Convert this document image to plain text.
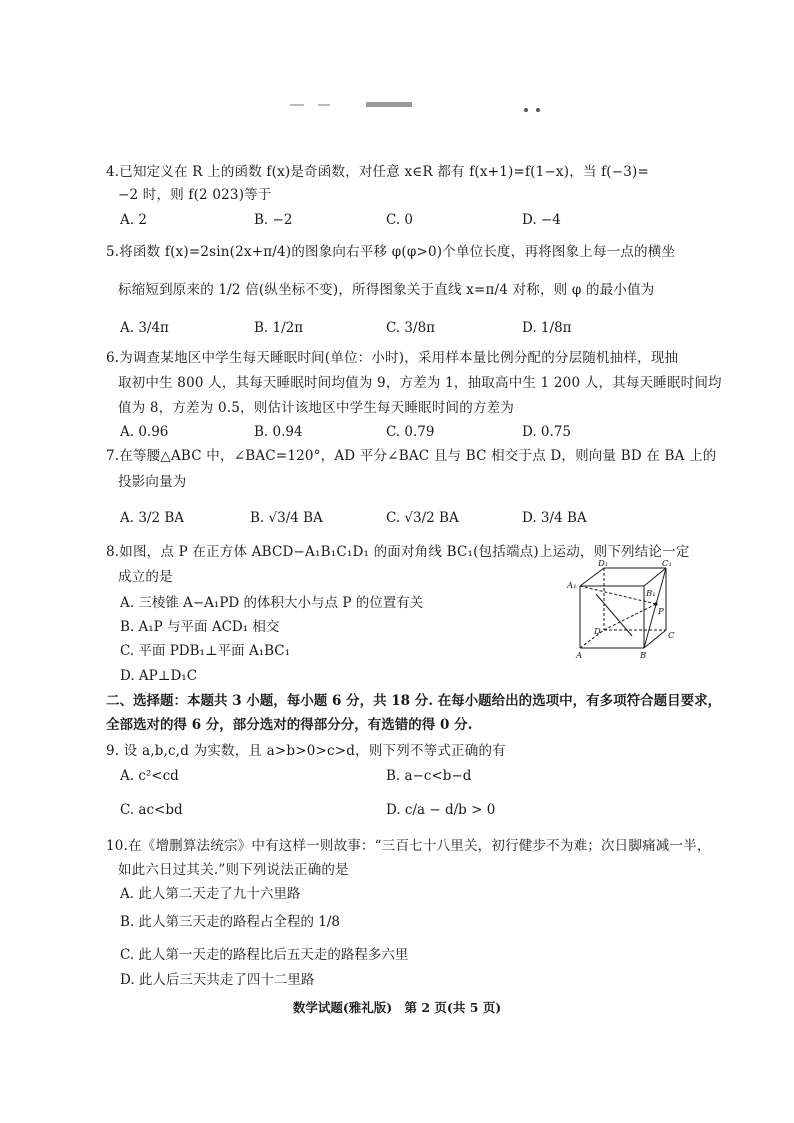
4.已知定义在 R 上的函数 f(x)是奇函数，对任意 x∈R 都有 f(x+1)=f(1−x)，当 f(−3)=
−2 时，则 f(2 023)等于
A. 2	B. −2	C. 0	D. −4
5.将函数 f(x)=2sin(2x+π/4)的图象向右平移 φ(φ>0)个单位长度，再将图象上每一点的横坐
标缩短到原来的 1/2 倍(纵坐标不变)，所得图象关于直线 x=π/4 对称，则 φ 的最小值为
A. 3/4π	B. 1/2π	C. 3/8π	D. 1/8π
6.为调查某地区中学生每天睡眠时间(单位：小时)，采用样本量比例分配的分层随机抽样，现抽
取初中生 800 人，其每天睡眠时间均值为 9，方差为 1，抽取高中生 1 200 人，其每天睡眠时间均
值为 8，方差为 0.5，则估计该地区中学生每天睡眠时间的方差为
A. 0.96	B. 0.94	C. 0.79	D. 0.75
7.在等腰△ABC 中，∠BAC=120°，AD 平分∠BAC 且与 BC 相交于点 D，则向量 BD 在 BA 上的
投影向量为
A. 3/2 BA	B. √3/4 BA	C. √3/2 BA	D. 3/4 BA
8.如图，点 P 在正方体 ABCD−A₁B₁C₁D₁ 的面对角线 BC₁(包括端点)上运动，则下列结论一定
成立的是
A. 三棱锥 A−A₁PD 的体积大小与点 P 的位置有关
B. A₁P 与平面 ACD₁ 相交
C. 平面 PDB₁⊥平面 A₁BC₁
D. AP⊥D₁C
A₁
D₁	C₁
B₁
P
D	C
A	B
二、选择题：本题共 3 小题，每小题 6 分，共 18 分. 在每小题给出的选项中，有多项符合题目要求，
全部选对的得 6 分，部分选对的得部分分，有选错的得 0 分.
9. 设 a,b,c,d 为实数，且 a>b>0>c>d，则下列不等式正确的有
A. c²<cd	B. a−c<b−d
C. ac<bd	D. c/a − d/b > 0
10.在《增删算法统宗》中有这样一则故事：“三百七十八里关，初行健步不为难；次日脚痛减一半，
如此六日过其关.”则下列说法正确的是
A. 此人第二天走了九十六里路
B. 此人第三天走的路程占全程的 1/8
C. 此人第一天走的路程比后五天走的路程多六里
D. 此人后三天共走了四十二里路
数学试题(雅礼版) 第 2 页(共 5 页)
